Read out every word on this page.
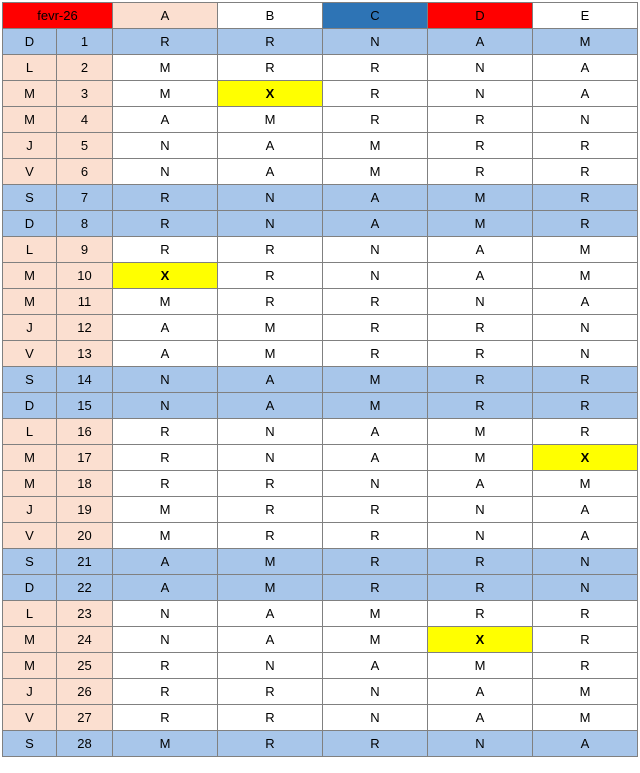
fevr-26		A	B	C	D	E
D	1	R	R	N	A	M
L	2	M	R	R	N	A
M	3	M	X	R	N	A
M	4	A	M	R	R	N
J	5	N	A	M	R	R
V	6	N	A	M	R	R
S	7	R	N	A	M	R
D	8	R	N	A	M	R
L	9	R	R	N	A	M
M	10	X	R	N	A	M
M	11	M	R	R	N	A
J	12	A	M	R	R	N
V	13	A	M	R	R	N
S	14	N	A	M	R	R
D	15	N	A	M	R	R
L	16	R	N	A	M	R
M	17	R	N	A	M	X
M	18	R	R	N	A	M
J	19	M	R	R	N	A
V	20	M	R	R	N	A
S	21	A	M	R	R	N
D	22	A	M	R	R	N
L	23	N	A	M	R	R
M	24	N	A	M	X	R
M	25	R	N	A	M	R
J	26	R	R	N	A	M
V	27	R	R	N	A	M
S	28	M	R	R	N	A
